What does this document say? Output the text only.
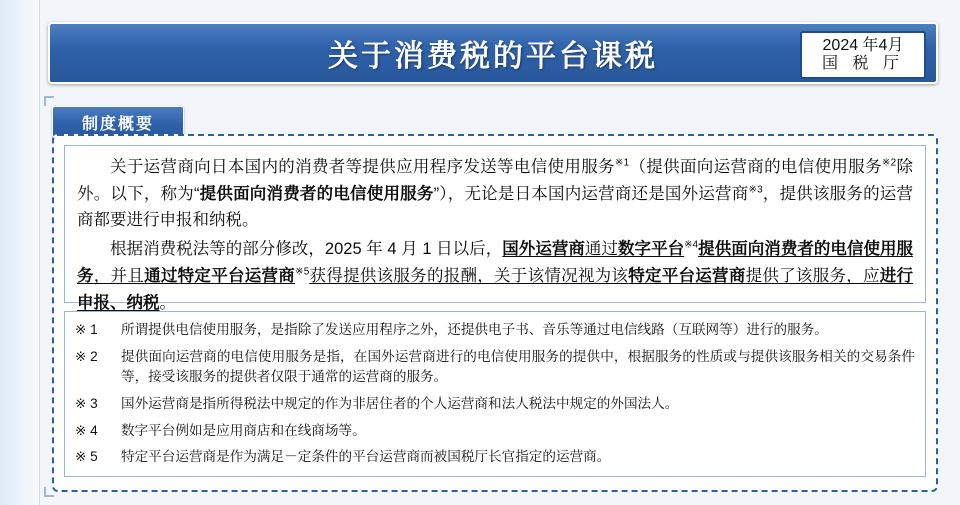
关于消费税的平台课税	2024 年4月
国 税 厅
制度概要

关于运营商向日本国内的消费者等提供应用程序发送等电信使用服务$^{※1}$（提供面向运营商的电信使用服务$^{※2}$除外。以下，称为“提供面向消费者的电信使用服务”），无论是日本国内运营商还是国外运营商$^{※3}$，提供该服务的运营商都要进行申报和纳税。

根据消费税法等的部分修改，2025 年 4 月 1 日以后，国外运营商通过数字平台$^{※4}$提供面向消费者的电信使用服务，并且通过特定平台运营商$^{※5}$获得提供该服务的报酬，关于该情况视为该特定平台运营商提供了该服务，应进行申报、纳税。

※ 1	所谓提供电信使用服务，是指除了发送应用程序之外，还提供电子书、音乐等通过电信线路（互联网等）进行的服务。
※ 2	提供面向运营商的电信使用服务是指，在国外运营商进行的电信使用服务的提供中，根据服务的性质或与提供该服务相关的交易条件等，接受该服务的提供者仅限于通常的运营商的服务。
※ 3	国外运营商是指所得税法中规定的作为非居住者的个人运营商和法人税法中规定的外国法人。
※ 4	数字平台例如是应用商店和在线商场等。
※ 5	特定平台运营商是作为满足－定条件的平台运营商而被国税厅长官指定的运营商。
